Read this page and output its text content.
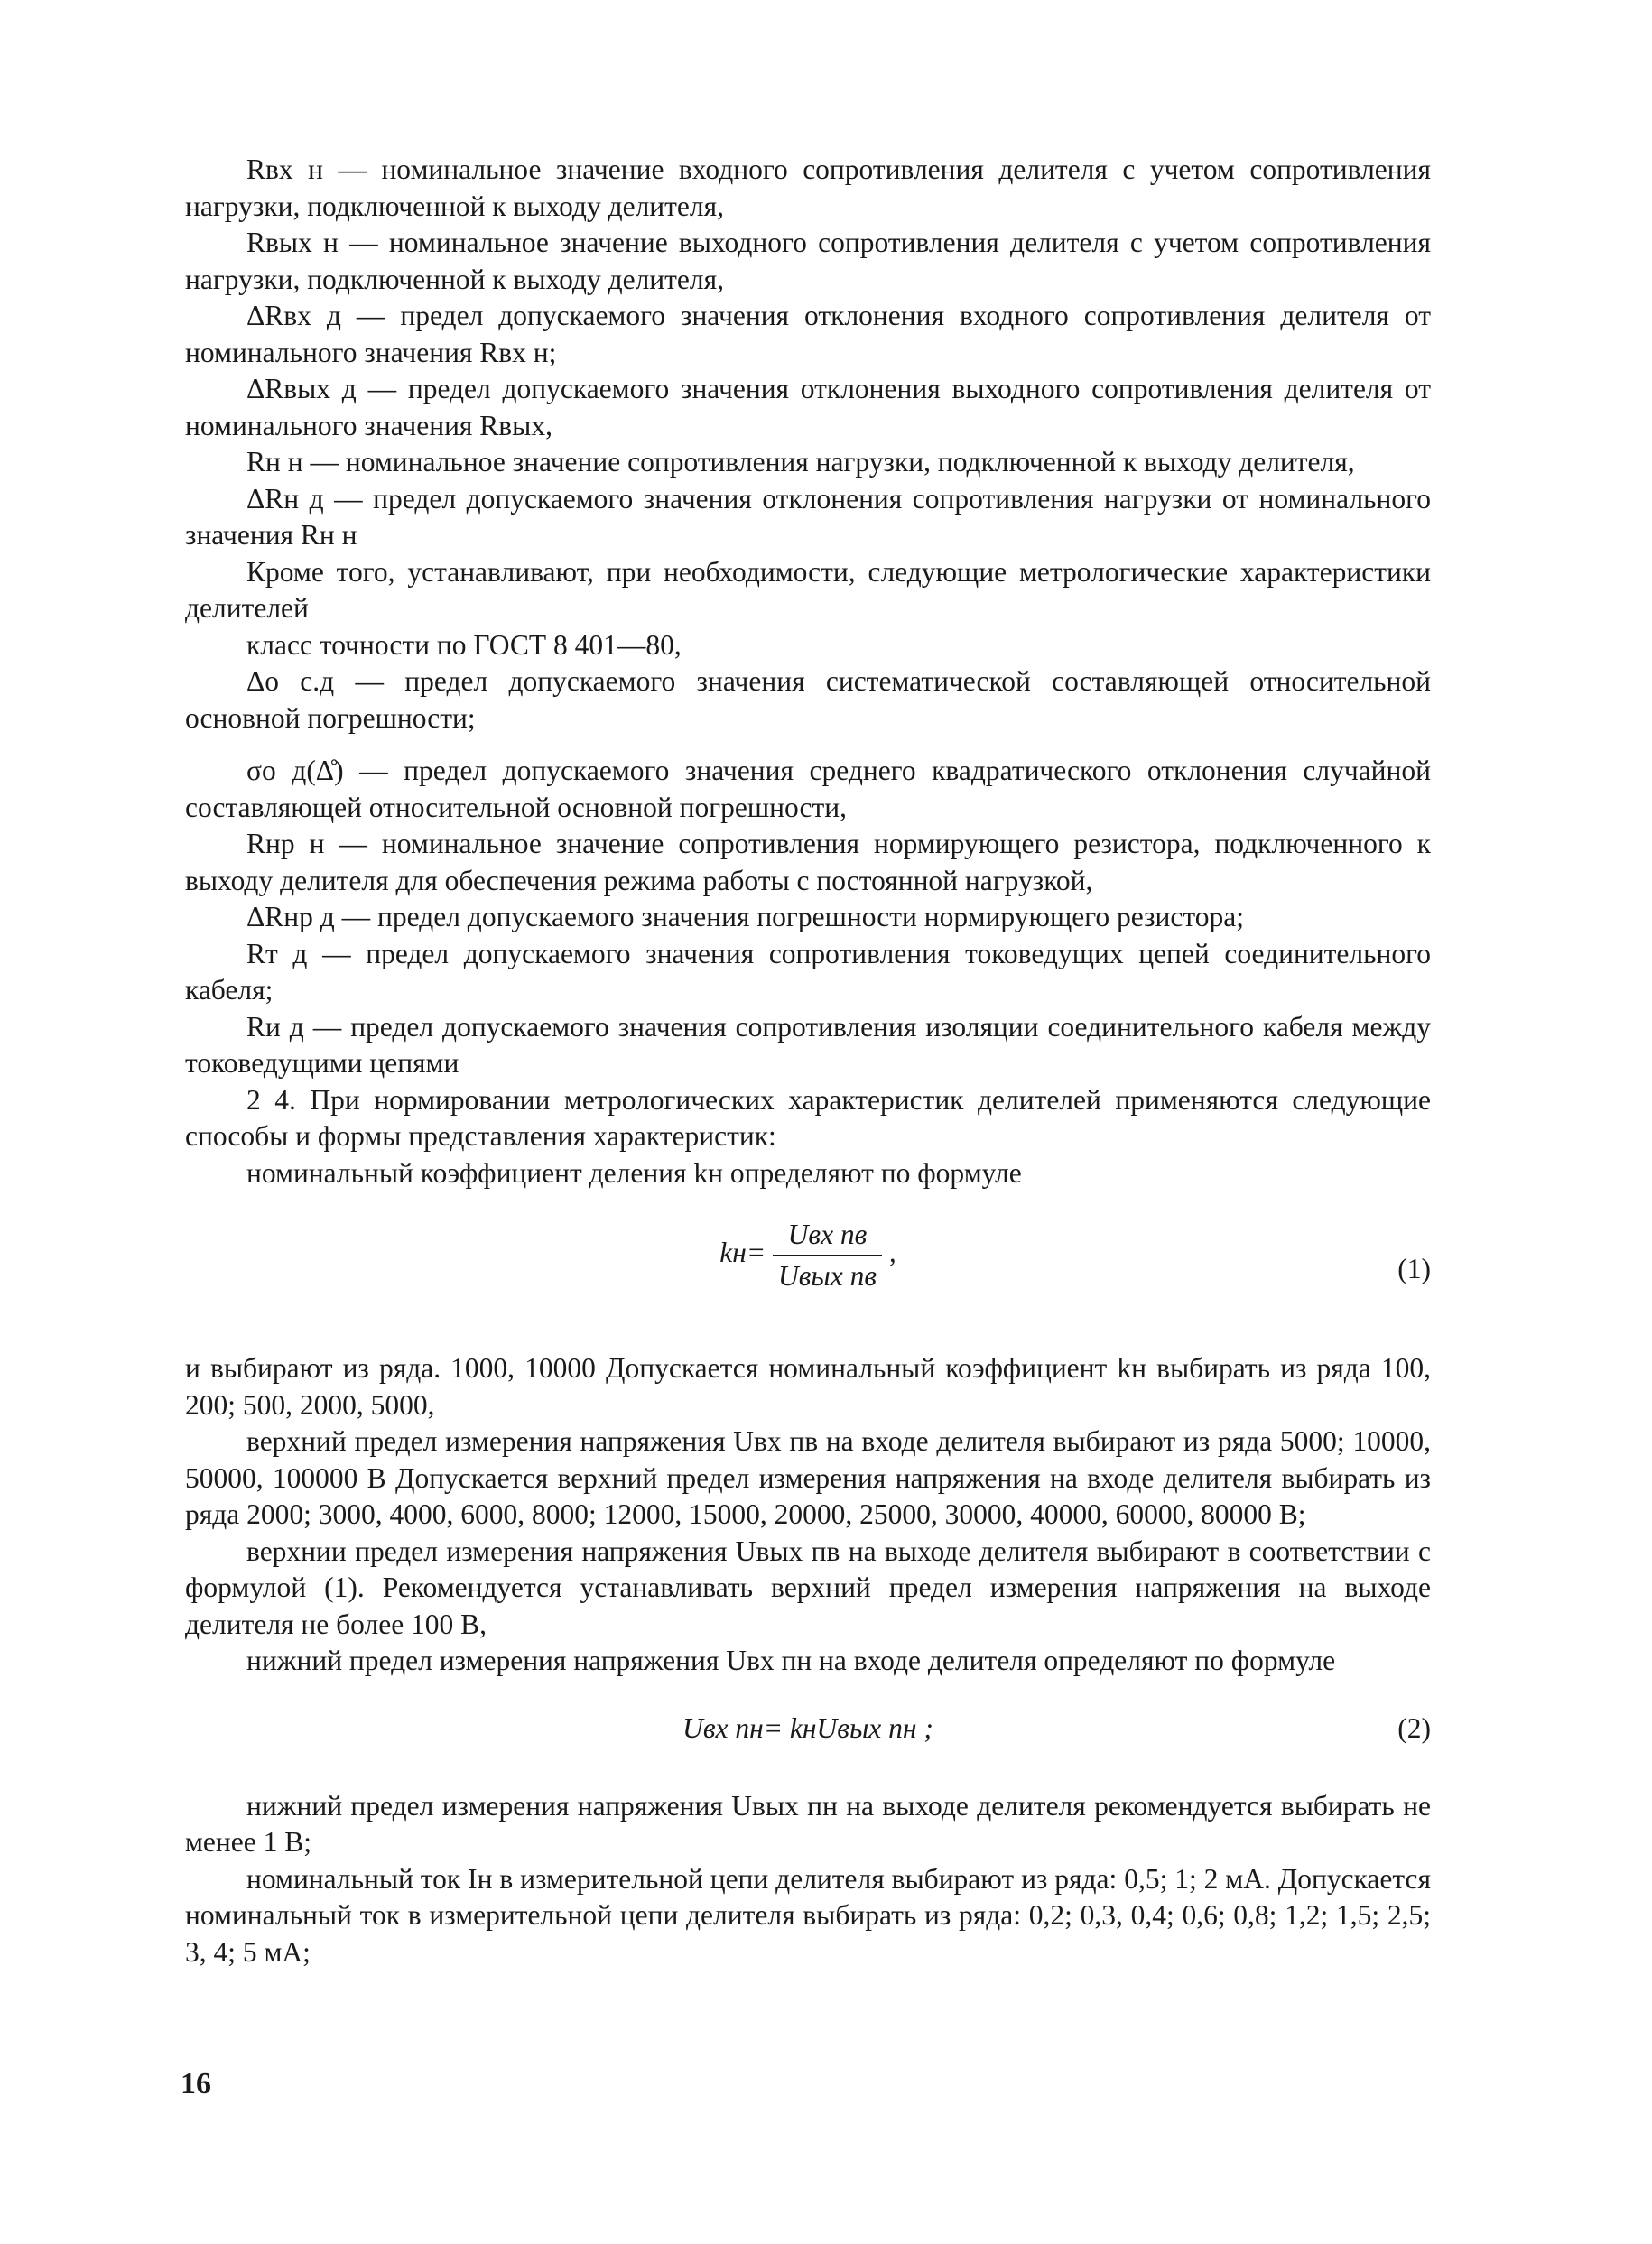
Rвх н — номинальное значение входного сопротивления делителя с учетом сопротивления нагрузки, подключенной к выходу делителя,

Rвых н — номинальное значение выходного сопротивления делителя с учетом сопротивления нагрузки, подключенной к выходу делителя,

ΔRвх д — предел допускаемого значения отклонения входного сопротивления делителя от номинального значения Rвх н;

ΔRвых д — предел допускаемого значения отклонения выходного сопротивления делителя от номинального значения Rвых,

Rн н — номинальное значение сопротивления нагрузки, подключенной к выходу делителя,

ΔRн д — предел допускаемого значения отклонения сопротивления нагрузки от номинального значения Rн н

Кроме того, устанавливают, при необходимости, следующие метрологические характеристики делителей

класс точности по ГОСТ 8 401—80,

Δо с.д — предел допускаемого значения систематической составляющей относительной основной погрешности;

σо д(Δ̊) — предел допускаемого значения среднего квадратического отклонения случайной составляющей относительной основной погрешности,

Rнр н — номинальное значение сопротивления нормирующего резистора, подключенного к выходу делителя для обеспечения режима работы с постоянной нагрузкой,

ΔRнр д — предел допускаемого значения погрешности нормирующего резистора;

Rт д — предел допускаемого значения сопротивления токоведущих цепей соединительного кабеля;

Rи д — предел допускаемого значения сопротивления изоляции соединительного кабеля между токоведущими цепями

2 4. При нормировании метрологических характеристик делителей применяются следующие способы и формы представления характеристик:

номинальный коэффициент деления kн определяют по формуле

$kн= \frac{\text{Uвх пв}}{\text{Uвых пв}}$ ,
(1)

и выбирают из ряда. 1000, 10000 Допускается номинальный коэффициент kн выбирать из ряда 100, 200; 500, 2000, 5000,

верхний предел измерения напряжения Uвх пв на входе делителя выбирают из ряда 5000; 10000, 50000, 100000 В Допускается верхний предел измерения напряжения на входе делителя выбирать из ряда 2000; 3000, 4000, 6000, 8000; 12000, 15000, 20000, 25000, 30000, 40000, 60000, 80000 В;

верхнии предел измерения напряжения Uвых пв на выходе делителя выбирают в соответствии с формулой (1). Рекомендуется устанавливать верхний предел измерения напряжения на выходе делителя не более 100 В,

нижний предел измерения напряжения Uвх пн на входе делителя определяют по формуле

Uвх пн= kнUвых пн ;	(2)

нижний предел измерения напряжения Uвых пн на выходе делителя рекомендуется выбирать не менее 1 В;

номинальный ток Iн в измерительной цепи делителя выбирают из ряда: 0,5; 1; 2 мА. Допускается номинальный ток в измерительной цепи делителя выбирать из ряда: 0,2; 0,3, 0,4; 0,6; 0,8; 1,2; 1,5; 2,5; 3, 4; 5 мА;

16
